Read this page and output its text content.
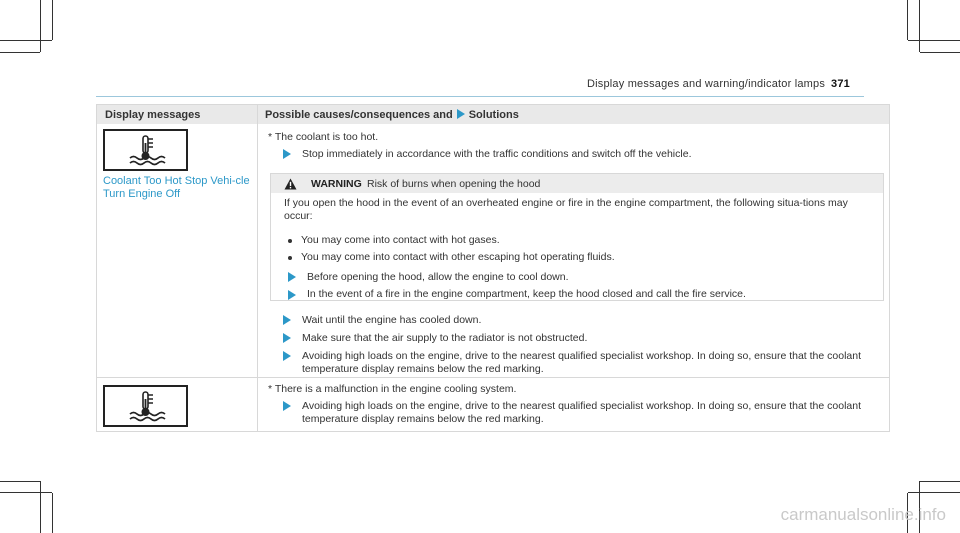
Display messages and warning/indicator lamps 371
Display messages	Possible causes/consequences and Solutions
Coolant Too Hot Stop Vehi-cle Turn Engine Off
* The coolant is too hot.
Stop immediately in accordance with the traffic conditions and switch off the vehicle.
WARNING Risk of burns when opening the hood
If you open the hood in the event of an overheated engine or fire in the engine compartment, the following situa-tions may occur:
You may come into contact with hot gases.
You may come into contact with other escaping hot operating fluids.
Before opening the hood, allow the engine to cool down.
In the event of a fire in the engine compartment, keep the hood closed and call the fire service.
Wait until the engine has cooled down.
Make sure that the air supply to the radiator is not obstructed.
Avoiding high loads on the engine, drive to the nearest qualified specialist workshop. In doing so, ensure that the coolant temperature display remains below the red marking.
* There is a malfunction in the engine cooling system.
Avoiding high loads on the engine, drive to the nearest qualified specialist workshop. In doing so, ensure that the coolant temperature display remains below the red marking.
carmanualsonline.info
